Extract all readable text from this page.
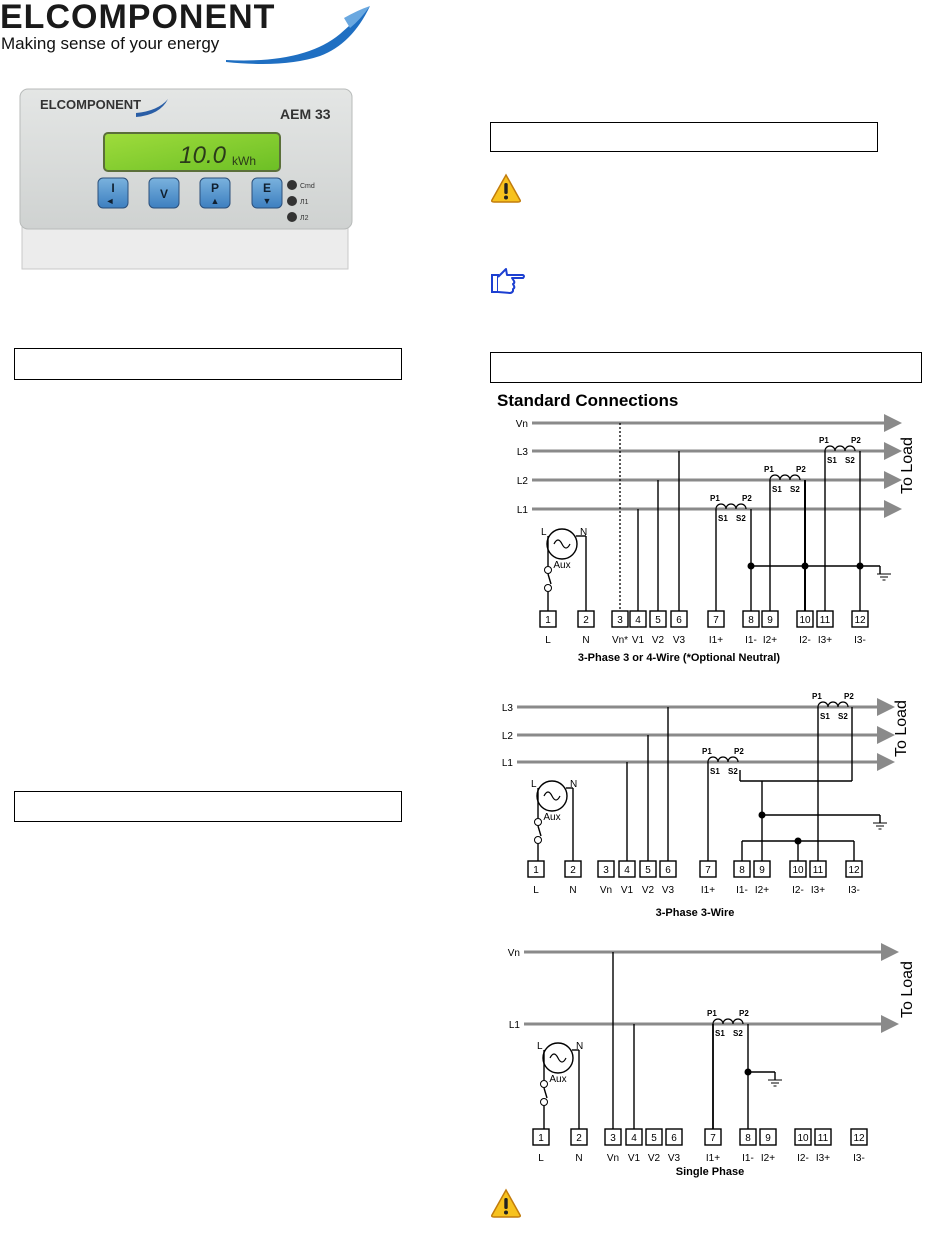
ELCOMPONENT
AEM 33
10.0 kWh
I
◄	V	P
▲
E
▼
Cmd
Л1
Л2
ELCOMPONENT
Making sense of your energy
Standard Connections
Vn
L3
L2
L1
To Load
1
L
2
N
3
Vn*
4
V1
5
V2
6
V3
7
I1+
8
I1-
9
I2+
10
I2-
11
I3+
12
I3-
P1	P2
S1 S2
P1	P2
S1 S2
P1	P2
S1 S2
Aux
L	N
3-Phase 3 or 4-Wire (*Optional Neutral)
L3
L2
L1
To Load
1
L
2
N
3
Vn
4
V1
5
V2
6
V3
7
I1+
8
I1-
9
I2+
10
I2-
11
I3+
12
I3-
P1	P2
S1 S2
P1	P2
S1 S2
Aux
L	N
3-Phase 3-Wire
Vn
L1
To Load
1
L
2
N
3
Vn
4
V1
5
V2
6
V3
7
I1+
8
I1-
9
I2+
10
I2-
11
I3+
12
I3-
P1	P2
S1 S2
Aux
L	N
Single Phase
